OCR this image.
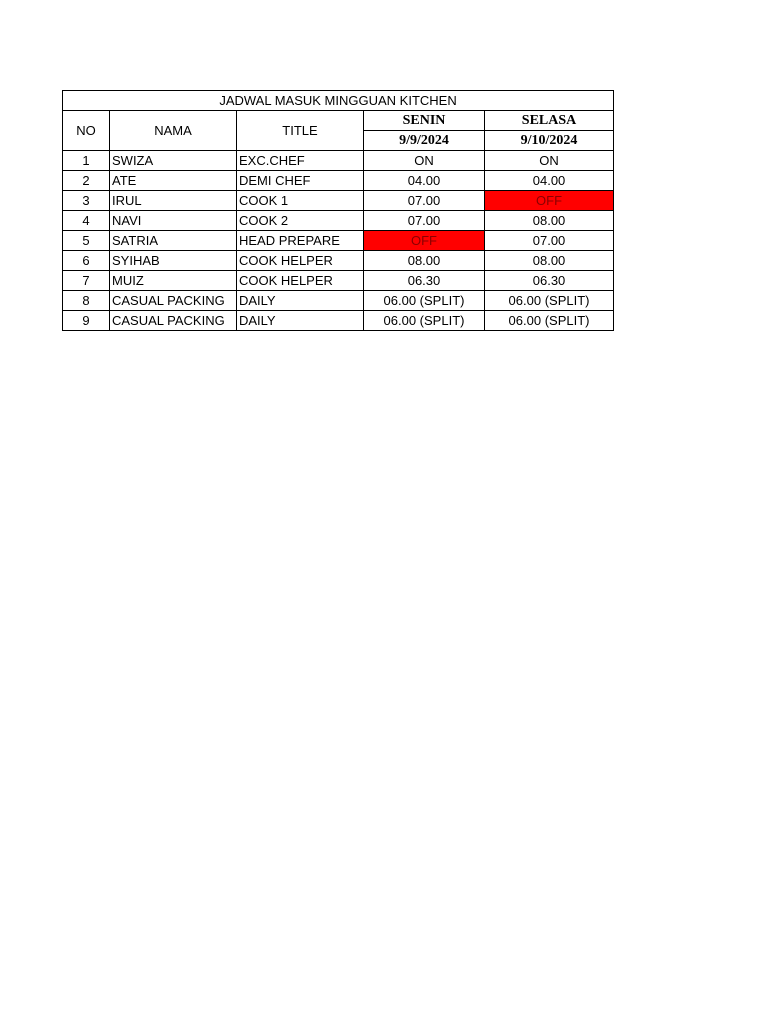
JADWAL MASUK MINGGUAN KITCHEN				
NO	NAMA	TITLE	SENIN	SELASA
			9/9/2024	9/10/2024
1	SWIZA	EXC.CHEF	ON	ON
2	ATE	DEMI CHEF	04.00	04.00
3	IRUL	COOK 1	07.00	OFF
4	NAVI	COOK 2	07.00	08.00
5	SATRIA	HEAD PREPARE	OFF	07.00
6	SYIHAB	COOK HELPER	08.00	08.00
7	MUIZ	COOK HELPER	06.30	06.30
8	CASUAL PACKING	DAILY	06.00 (SPLIT)	06.00 (SPLIT)
9	CASUAL PACKING	DAILY	06.00 (SPLIT)	06.00 (SPLIT)
